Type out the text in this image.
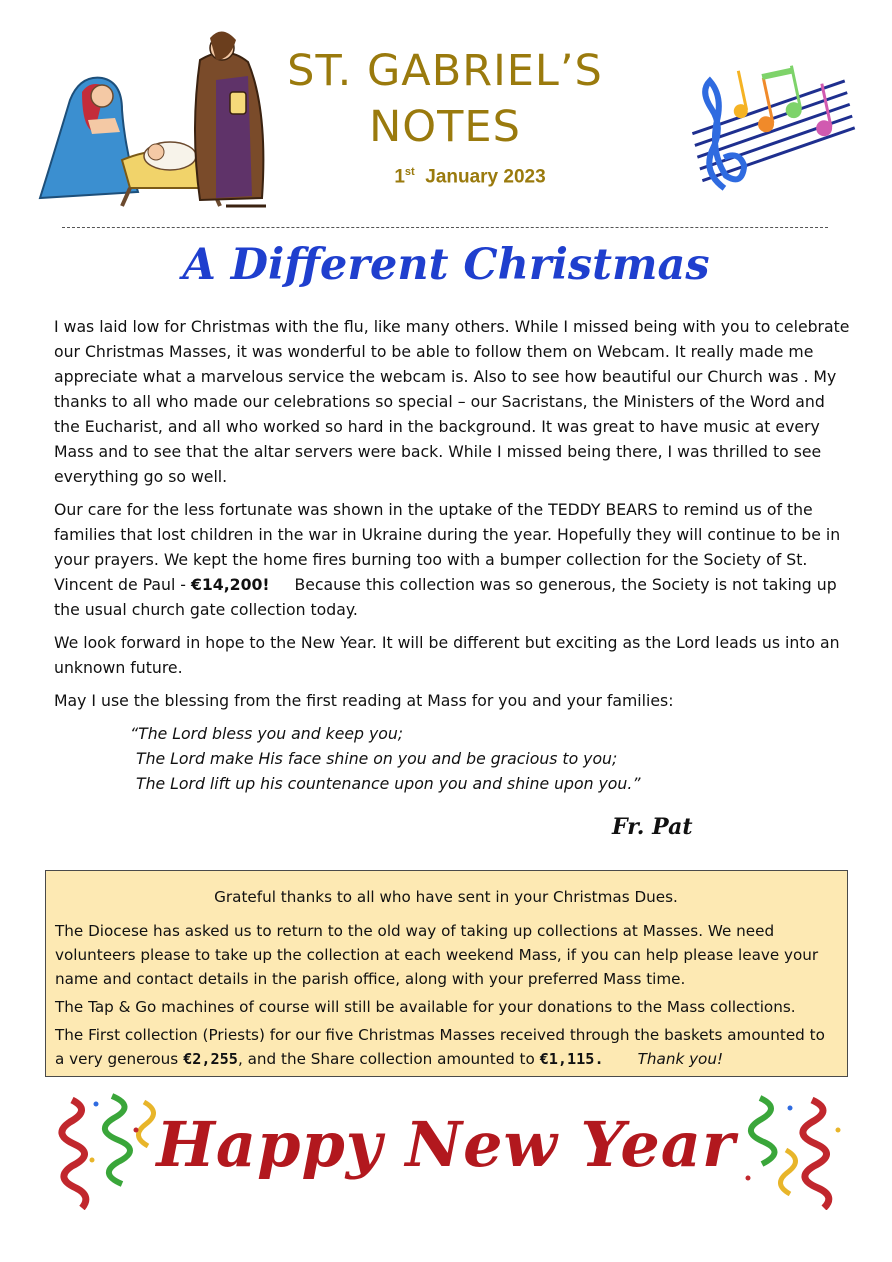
ST. GABRIEL’S
NOTES
1st January 2023
A Different Christmas

I was laid low for Christmas with the flu, like many others. While I missed being with you to celebrate our Christmas Masses, it was wonderful to be able to follow them on Webcam. It really made me appreciate what a marvelous service the webcam is. Also to see how beautiful our Church was . My thanks to all who made our celebrations so special – our Sacristans, the Ministers of the Word and the Eucharist, and all who worked so hard in the background. It was great to have music at every Mass and to see that the altar servers were back. While I missed being there, I was thrilled to see everything go so well.

Our care for the less fortunate was shown in the uptake of the TEDDY BEARS to remind us of the families that lost children in the war in Ukraine during the year. Hopefully they will continue to be in your prayers. We kept the home fires burning too with a bumper collection for the Society of St. Vincent de Paul - €14,200!     Because this collection was so generous, the Society is not taking up the usual church gate collection today.

We look forward in hope to the New Year. It will be different but exciting as the Lord leads us into an unknown future.

May I use the blessing from the first reading at Mass for you and your families:

“The Lord bless you and keep you;
The Lord make His face shine on you and be gracious to you;
The Lord lift up his countenance upon you and shine upon you.”
Fr. Pat

Grateful thanks to all who have sent in your Christmas Dues.

The Diocese has asked us to return to the old way of taking up collections at Masses. We need volunteers please to take up the collection at each weekend Mass, if you can help please leave your name and contact details in the parish office, along with your preferred Mass time.

The Tap & Go machines of course will still be available for your donations to the Mass collections.

The First collection (Priests) for our five Christmas Masses received through the baskets amounted to a very generous €2,255, and the Share collection amounted to €1,115. Thank you!

Happy New Year
